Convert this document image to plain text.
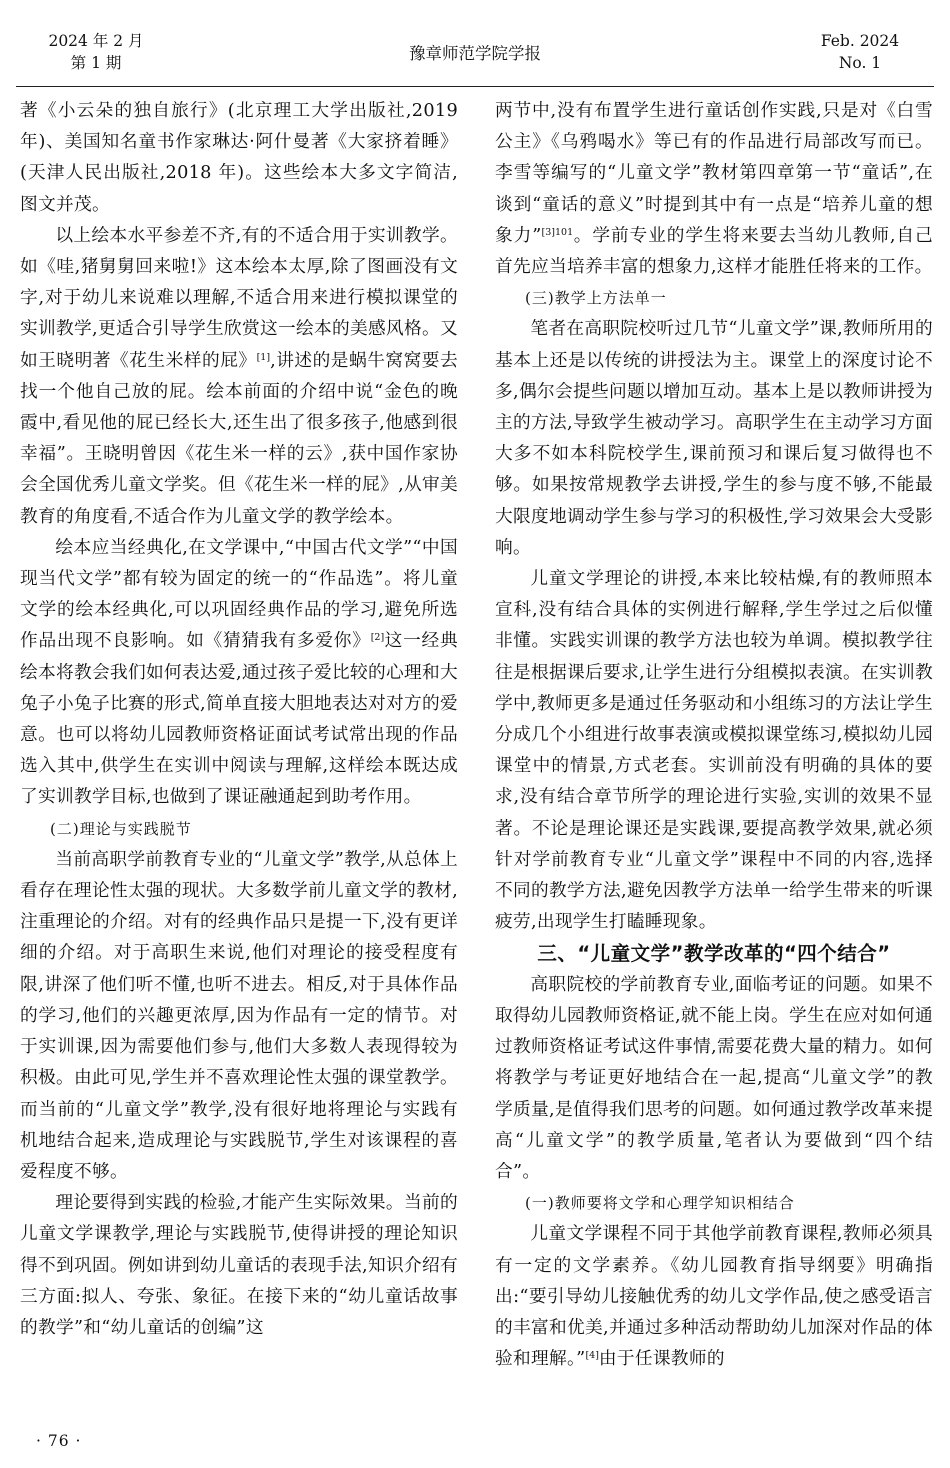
2024 年 2 月
第 1 期	豫章师范学院学报
Feb. 2024
No. 1

著《小云朵的独自旅行》(北京理工大学出版社,2019年)、美国知名童书作家琳达·阿什曼著《大家挤着睡》(天津人民出版社,2018 年)。这些绘本大多文字简洁,图文并茂。

以上绘本水平参差不齐,有的不适合用于实训教学。如《哇,猪舅舅回来啦!》这本绘本太厚,除了图画没有文字,对于幼儿来说难以理解,不适合用来进行模拟课堂的实训教学,更适合引导学生欣赏这一绘本的美感风格。又如王晓明著《花生米样的屁》[1],讲述的是蜗牛窝窝要去找一个他自己放的屁。绘本前面的介绍中说“金色的晚霞中,看见他的屁已经长大,还生出了很多孩子,他感到很幸福”。王晓明曾因《花生米一样的云》,获中国作家协会全国优秀儿童文学奖。但《花生米一样的屁》,从审美教育的角度看,不适合作为儿童文学的教学绘本。

绘本应当经典化,在文学课中,“中国古代文学”“中国现当代文学”都有较为固定的统一的“作品选”。将儿童文学的绘本经典化,可以巩固经典作品的学习,避免所选作品出现不良影响。如《猜猜我有多爱你》[2]这一经典绘本将教会我们如何表达爱,通过孩子爱比较的心理和大兔子小兔子比赛的形式,简单直接大胆地表达对对方的爱意。也可以将幼儿园教师资格证面试考试常出现的作品选入其中,供学生在实训中阅读与理解,这样绘本既达成了实训教学目标,也做到了课证融通起到助考作用。

(二)理论与实践脱节

当前高职学前教育专业的“儿童文学”教学,从总体上看存在理论性太强的现状。大多数学前儿童文学的教材,注重理论的介绍。对有的经典作品只是提一下,没有更详细的介绍。对于高职生来说,他们对理论的接受程度有限,讲深了他们听不懂,也听不进去。相反,对于具体作品的学习,他们的兴趣更浓厚,因为作品有一定的情节。对于实训课,因为需要他们参与,他们大多数人表现得较为积极。由此可见,学生并不喜欢理论性太强的课堂教学。而当前的“儿童文学”教学,没有很好地将理论与实践有机地结合起来,造成理论与实践脱节,学生对该课程的喜爱程度不够。

理论要得到实践的检验,才能产生实际效果。当前的儿童文学课教学,理论与实践脱节,使得讲授的理论知识得不到巩固。例如讲到幼儿童话的表现手法,知识介绍有三方面:拟人、夸张、象征。在接下来的“幼儿童话故事的教学”和“幼儿童话的创编”这

两节中,没有布置学生进行童话创作实践,只是对《白雪公主》《乌鸦喝水》等已有的作品进行局部改写而已。李雪等编写的“儿童文学”教材第四章第一节“童话”,在谈到“童话的意义”时提到其中有一点是“培养儿童的想象力”$^{[3]101}$。学前专业的学生将来要去当幼儿教师,自己首先应当培养丰富的想象力,这样才能胜任将来的工作。

(三)教学上方法单一

笔者在高职院校听过几节“儿童文学”课,教师所用的基本上还是以传统的讲授法为主。课堂上的深度讨论不多,偶尔会提些问题以增加互动。基本上是以教师讲授为主的方法,导致学生被动学习。高职学生在主动学习方面大多不如本科院校学生,课前预习和课后复习做得也不够。如果按常规教学去讲授,学生的参与度不够,不能最大限度地调动学生参与学习的积极性,学习效果会大受影响。

儿童文学理论的讲授,本来比较枯燥,有的教师照本宣科,没有结合具体的实例进行解释,学生学过之后似懂非懂。实践实训课的教学方法也较为单调。模拟教学往往是根据课后要求,让学生进行分组模拟表演。在实训教学中,教师更多是通过任务驱动和小组练习的方法让学生分成几个小组进行故事表演或模拟课堂练习,模拟幼儿园课堂中的情景,方式老套。实训前没有明确的具体的要求,没有结合章节所学的理论进行实验,实训的效果不显著。不论是理论课还是实践课,要提高教学效果,就必须针对学前教育专业“儿童文学”课程中不同的内容,选择不同的教学方法,避免因教学方法单一给学生带来的听课疲劳,出现学生打瞌睡现象。

三、“儿童文学”教学改革的“四个结合”

高职院校的学前教育专业,面临考证的问题。如果不取得幼儿园教师资格证,就不能上岗。学生在应对如何通过教师资格证考试这件事情,需要花费大量的精力。如何将教学与考证更好地结合在一起,提高“儿童文学”的教学质量,是值得我们思考的问题。如何通过教学改革来提高“儿童文学”的教学质量,笔者认为要做到“四个结合”。

(一)教师要将文学和心理学知识相结合

儿童文学课程不同于其他学前教育课程,教师必须具有一定的文学素养。《幼儿园教育指导纲要》明确指出:“要引导幼儿接触优秀的幼儿文学作品,使之感受语言的丰富和优美,并通过多种活动帮助幼儿加深对作品的体验和理解。”[4]由于任课教师的

· 76 ·
